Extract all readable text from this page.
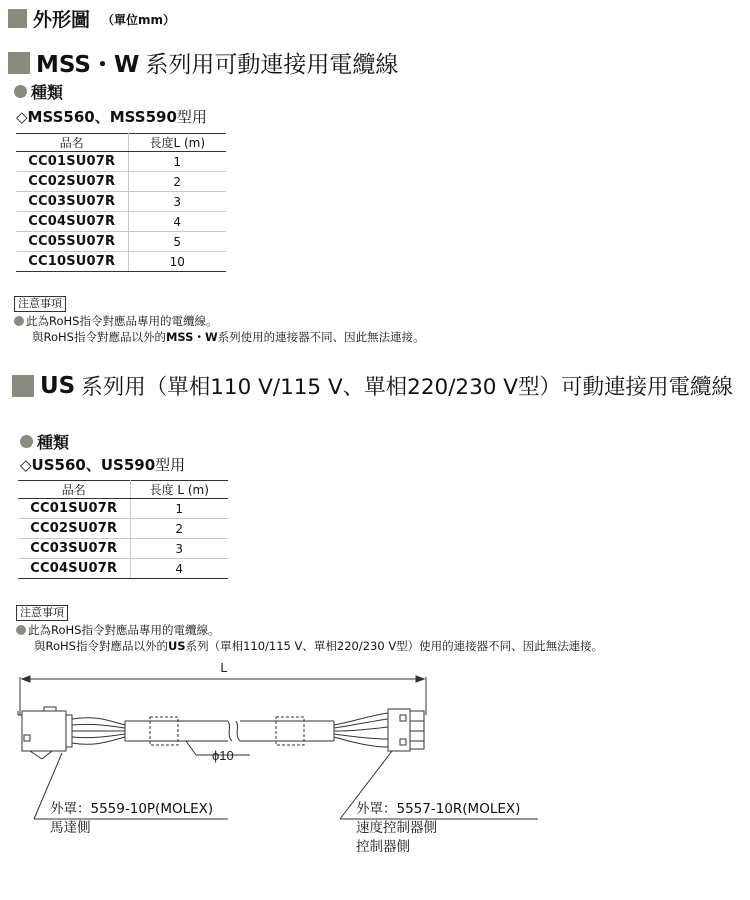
外形圖 （單位mm）
MSS・W 系列用可動連接用電纜線
種類
◇MSS560、MSS590型用
品名	長度L (m)
CC01SU07R	1
CC02SU07R	2
CC03SU07R	3
CC04SU07R	4
CC05SU07R	5
CC10SU07R	10
注意事項
此為RoHS指令對應品專用的電纜線。
與RoHS指令對應品以外的MSS・W系列使用的連接器不同、因此無法連接。
US 系列用（單相110 V/115 V、單相220/230 V型）可動連接用電纜線
種類
◇US560、US590型用
品名	長度 L (m)
CC01SU07R	1
CC02SU07R	2
CC03SU07R	3
CC04SU07R	4
注意事項
此為RoHS指令對應品專用的電纜線。
與RoHS指令對應品以外的US系列（單相110/115 V、單相220/230 V型）使用的連接器不同、因此無法連接。
L
ϕ10
外罩：5559-10P(MOLEX)
馬達側
外罩：5557-10R(MOLEX)
速度控制器側
控制器側
